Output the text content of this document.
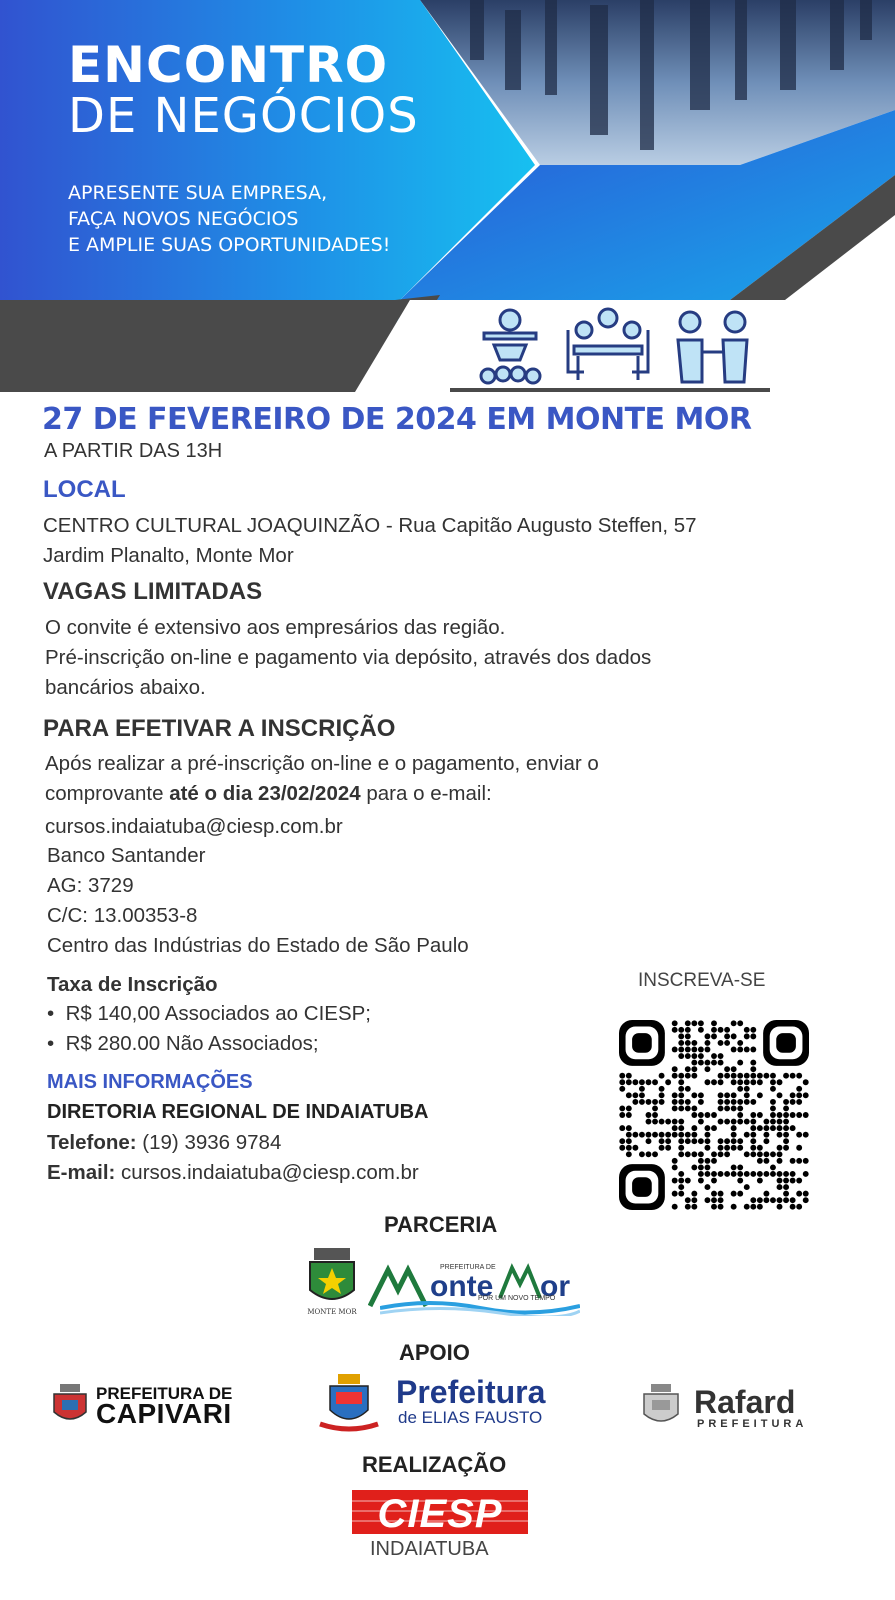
ENCONTRO
DE NEGÓCIOS
APRESENTE SUA EMPRESA,
FAÇA NOVOS NEGÓCIOS
E AMPLIE SUAS OPORTUNIDADES!
27 DE FEVEREIRO DE 2024 EM MONTE MOR
A PARTIR DAS 13H
LOCAL
CENTRO CULTURAL JOAQUINZÃO - Rua Capitão Augusto Steffen, 57
Jardim Planalto, Monte Mor
VAGAS LIMITADAS
O convite é extensivo aos empresários das região.
Pré-inscrição on-line e pagamento via depósito, através dos dados
bancários abaixo.
PARA EFETIVAR A INSCRIÇÃO
Após realizar a pré-inscrição on-line e o pagamento, enviar o
comprovante até o dia 23/02/2024 para o e-mail:
cursos.indaiatuba@ciesp.com.br
Banco Santander
AG: 3729
C/C: 13.00353-8
Centro das Indústrias do Estado de São Paulo
Taxa de Inscrição
•  R$ 140,00 Associados ao CIESP;
•  R$ 280.00 Não Associados;
INSCREVA-SE
MAIS INFORMAÇÕES
DIRETORIA REGIONAL DE INDAIATUBA
Telefone: (19) 3936 9784
E-mail: cursos.indaiatuba@ciesp.com.br
PARCERIA
MONTE MOR
PREFEITURA DE
onte or
POR UM NOVO TEMPO
APOIO
PREFEITURA DE
CAPIVARI
Prefeitura
de ELIAS FAUSTO	Rafard
PREFEITURA
REALIZAÇÃO
CIESP
INDAIATUBA
